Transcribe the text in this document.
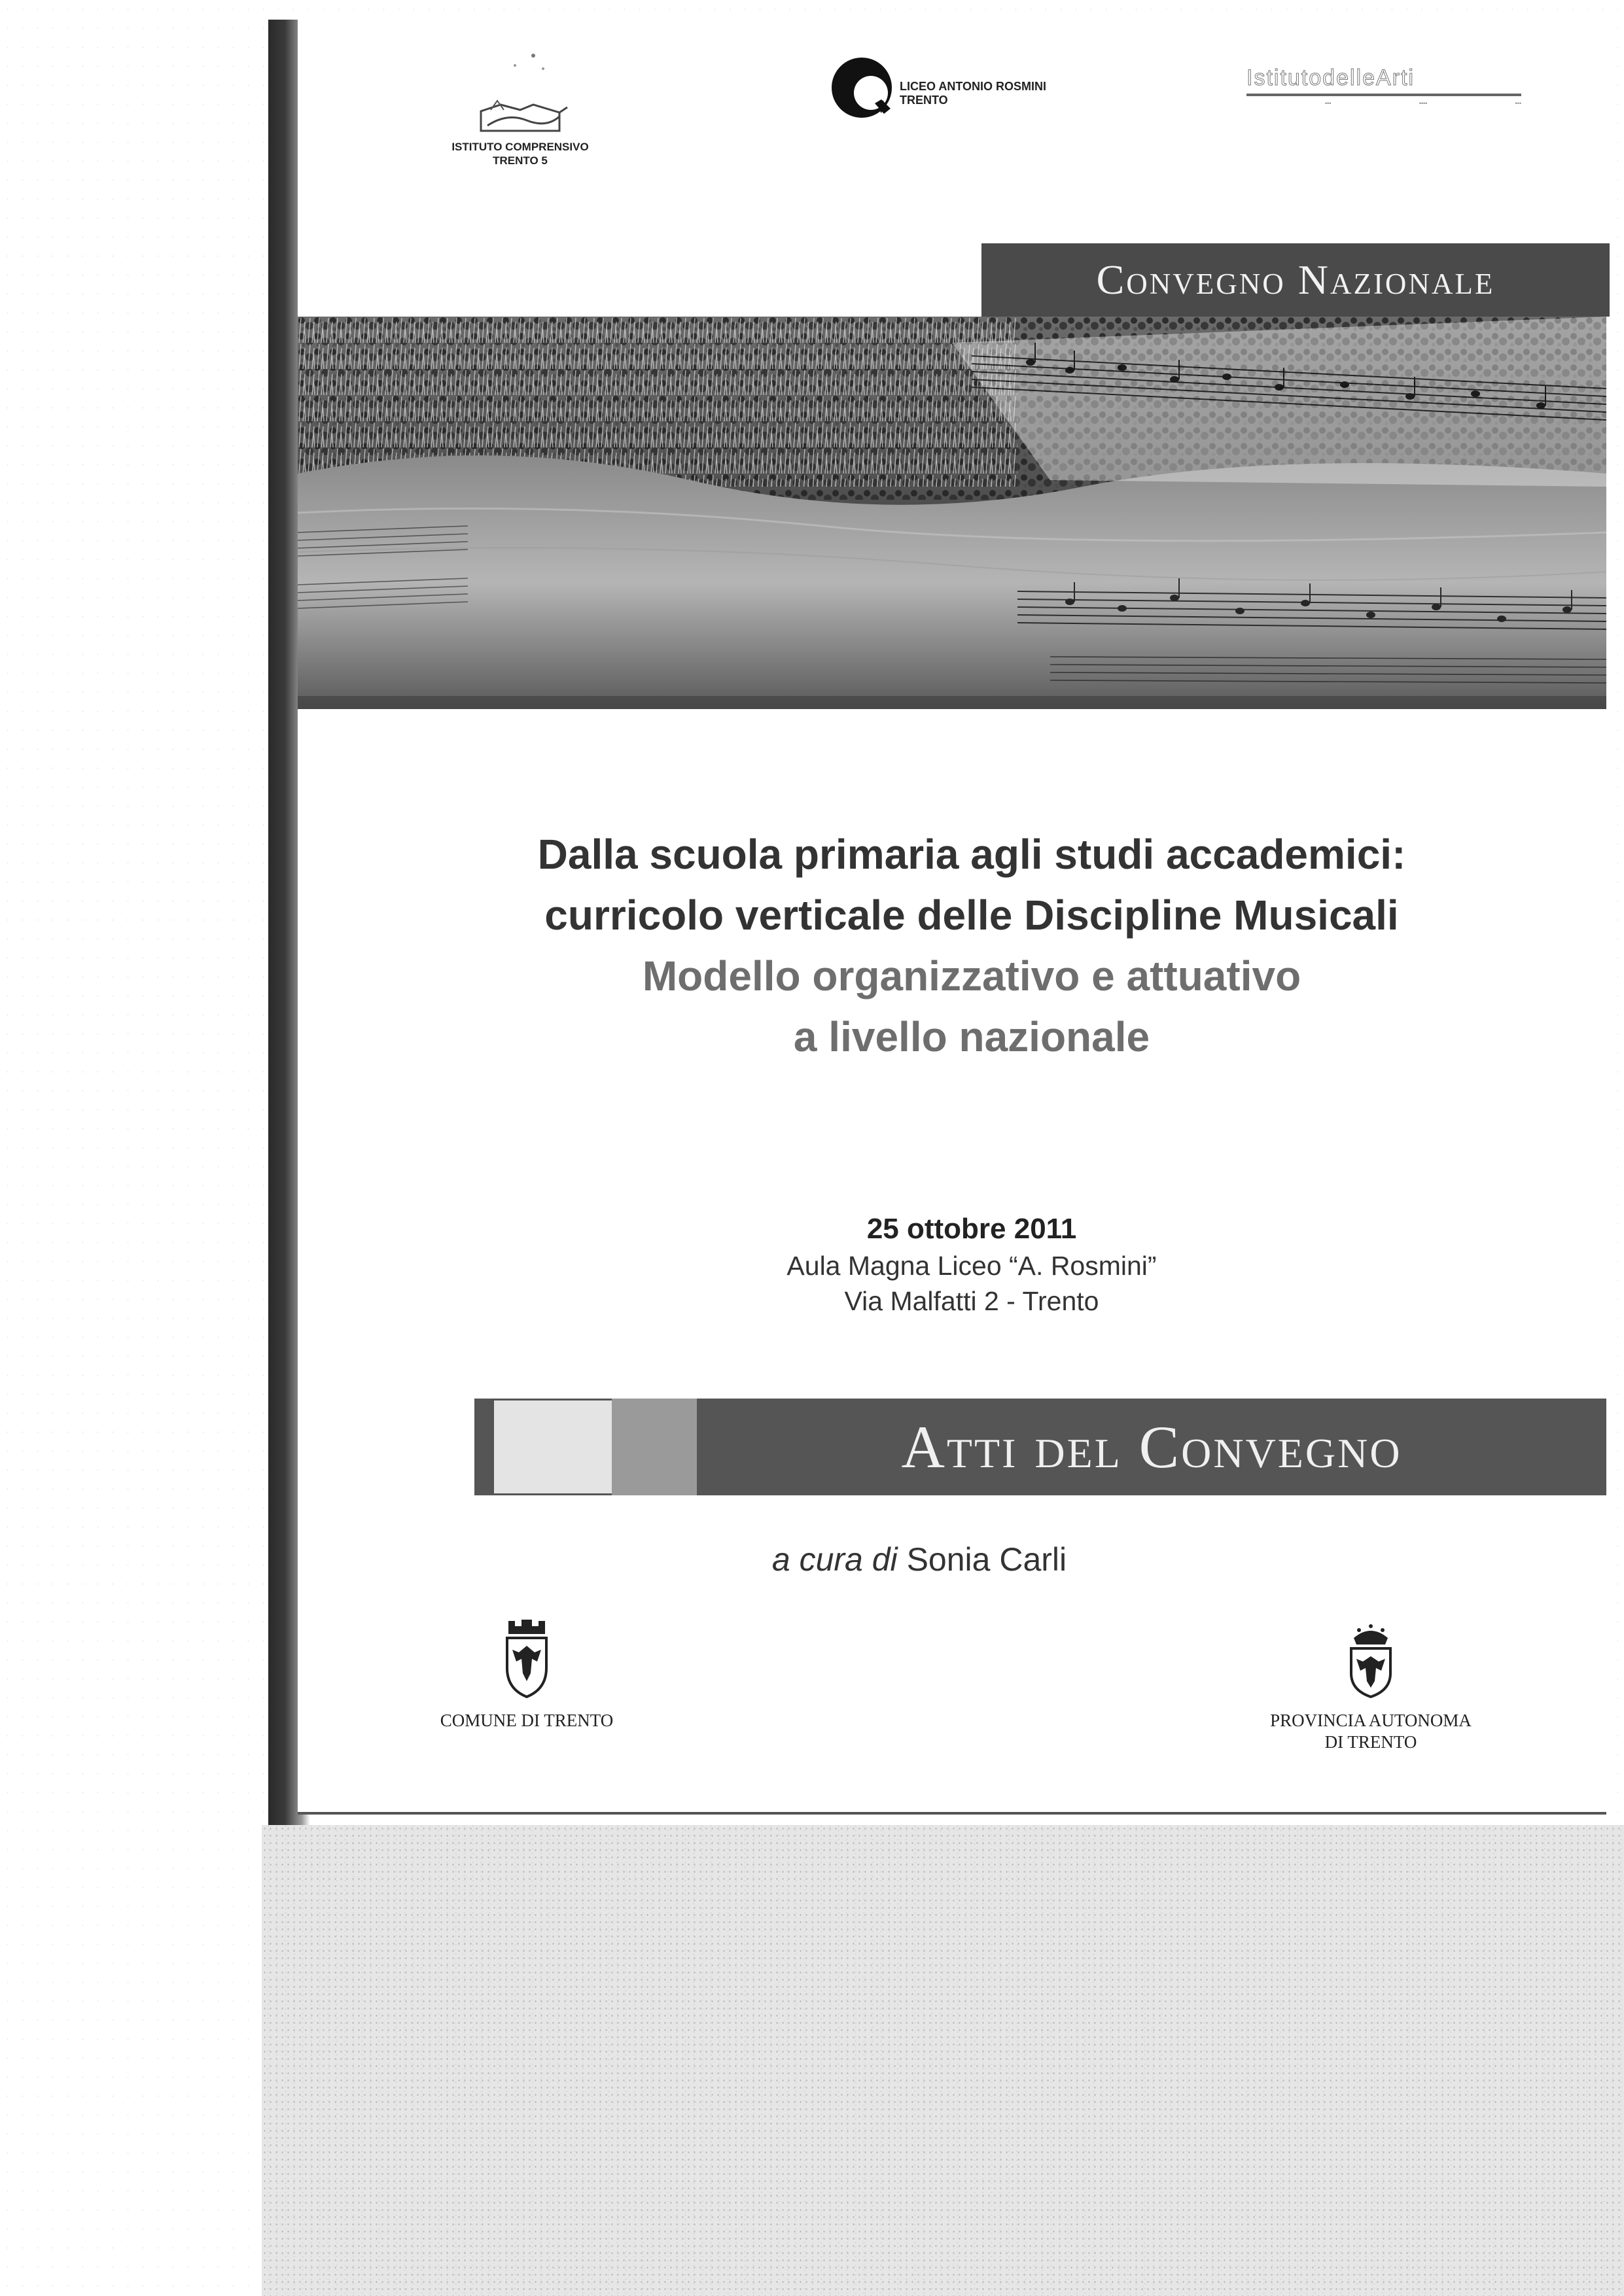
ISTITUTO COMPRENSIVO
TRENTO 5
LICEO ANTONIO ROSMINI
TRENTO
IstitutodelleArti
•••	••••	•••
Convegno Nazionale
Dalla scuola primaria agli studi accademici:
curricolo verticale delle Discipline Musicali
Modello organizzativo e attuativo
a livello nazionale
25 ottobre 2011
Aula Magna Liceo “A. Rosmini”
Via Malfatti 2 - Trento
Atti del Convegno
a cura di Sonia Carli
COMUNE DI TRENTO	PROVINCIA AUTONOMA
DI TRENTO
